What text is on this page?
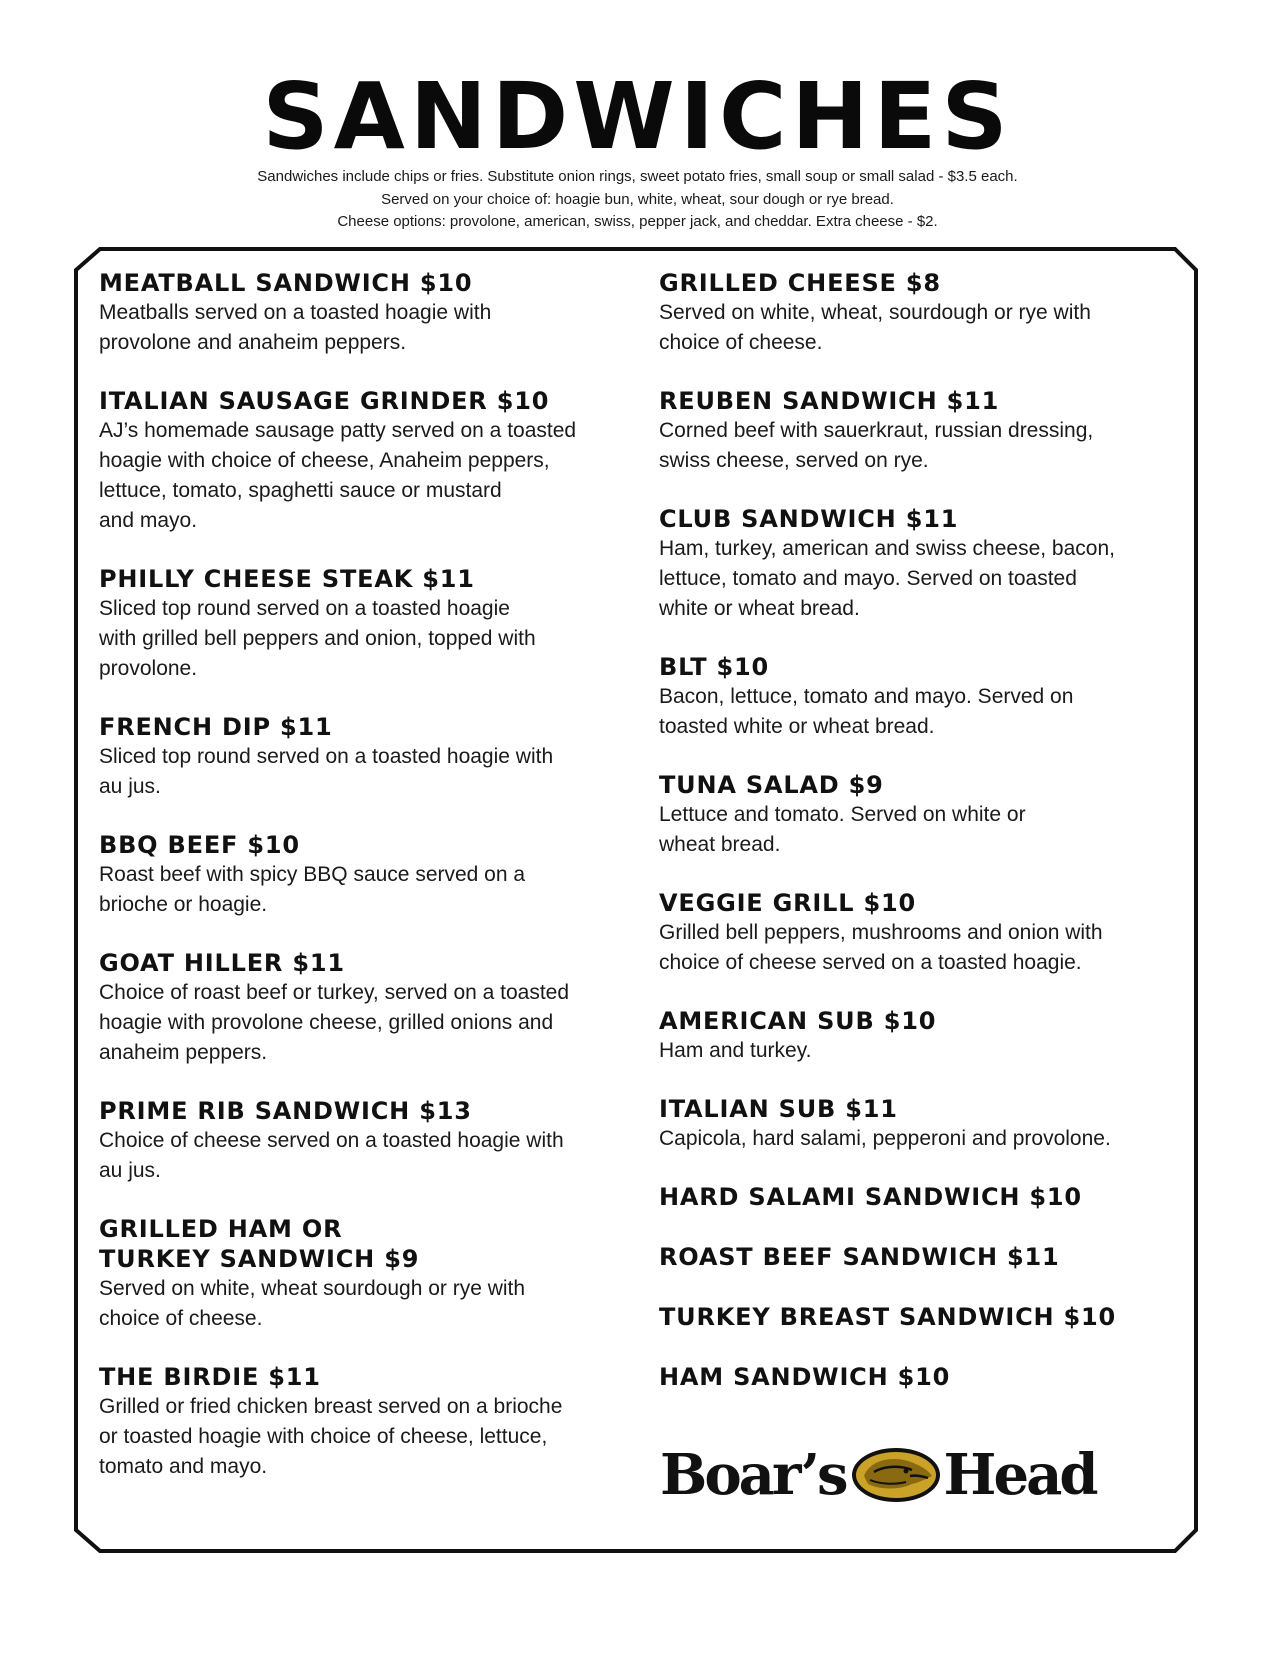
SANDWICHES
Sandwiches include chips or fries. Substitute onion rings, sweet potato fries, small soup or small salad - $3.5 each.
Served on your choice of: hoagie bun, white, wheat, sour dough or rye bread.
Cheese options: provolone, american, swiss, pepper jack, and cheddar. Extra cheese - $2.
MEATBALL SANDWICH $10
Meatballs served on a toasted hoagie with
provolone and anaheim peppers.
ITALIAN SAUSAGE GRINDER $10
AJ’s homemade sausage patty served on a toasted
hoagie with choice of cheese, Anaheim peppers,
lettuce, tomato, spaghetti sauce or mustard
and mayo.
PHILLY CHEESE STEAK $11
Sliced top round served on a toasted hoagie
with grilled bell peppers and onion, topped with
provolone.
FRENCH DIP $11
Sliced top round served on a toasted hoagie with
au jus.
BBQ BEEF $10
Roast beef with spicy BBQ sauce served on a
brioche or hoagie.
GOAT HILLER $11
Choice of roast beef or turkey, served on a toasted
hoagie with provolone cheese, grilled onions and
anaheim peppers.
PRIME RIB SANDWICH $13
Choice of cheese served on a toasted hoagie with
au jus.
GRILLED HAM OR
TURKEY SANDWICH $9
Served on white, wheat sourdough or rye with
choice of cheese.
THE BIRDIE $11
Grilled or fried chicken breast served on a brioche
or toasted hoagie with choice of cheese, lettuce,
tomato and mayo.
GRILLED CHEESE $8
Served on white, wheat, sourdough or rye with
choice of cheese.
REUBEN SANDWICH $11
Corned beef with sauerkraut, russian dressing,
swiss cheese, served on rye.
CLUB SANDWICH $11
Ham, turkey, american and swiss cheese, bacon,
lettuce, tomato and mayo. Served on toasted
white or wheat bread.
BLT $10
Bacon, lettuce, tomato and mayo. Served on
toasted white or wheat bread.
TUNA SALAD $9
Lettuce and tomato. Served on white or
wheat bread.
VEGGIE GRILL $10
Grilled bell peppers, mushrooms and onion with
choice of cheese served on a toasted hoagie.
AMERICAN SUB $10
Ham and turkey.
ITALIAN SUB $11
Capicola, hard salami, pepperoni and provolone.
HARD SALAMI SANDWICH $10
ROAST BEEF SANDWICH $11
TURKEY BREAST SANDWICH $10
HAM SANDWICH $10
Boar’s Head
